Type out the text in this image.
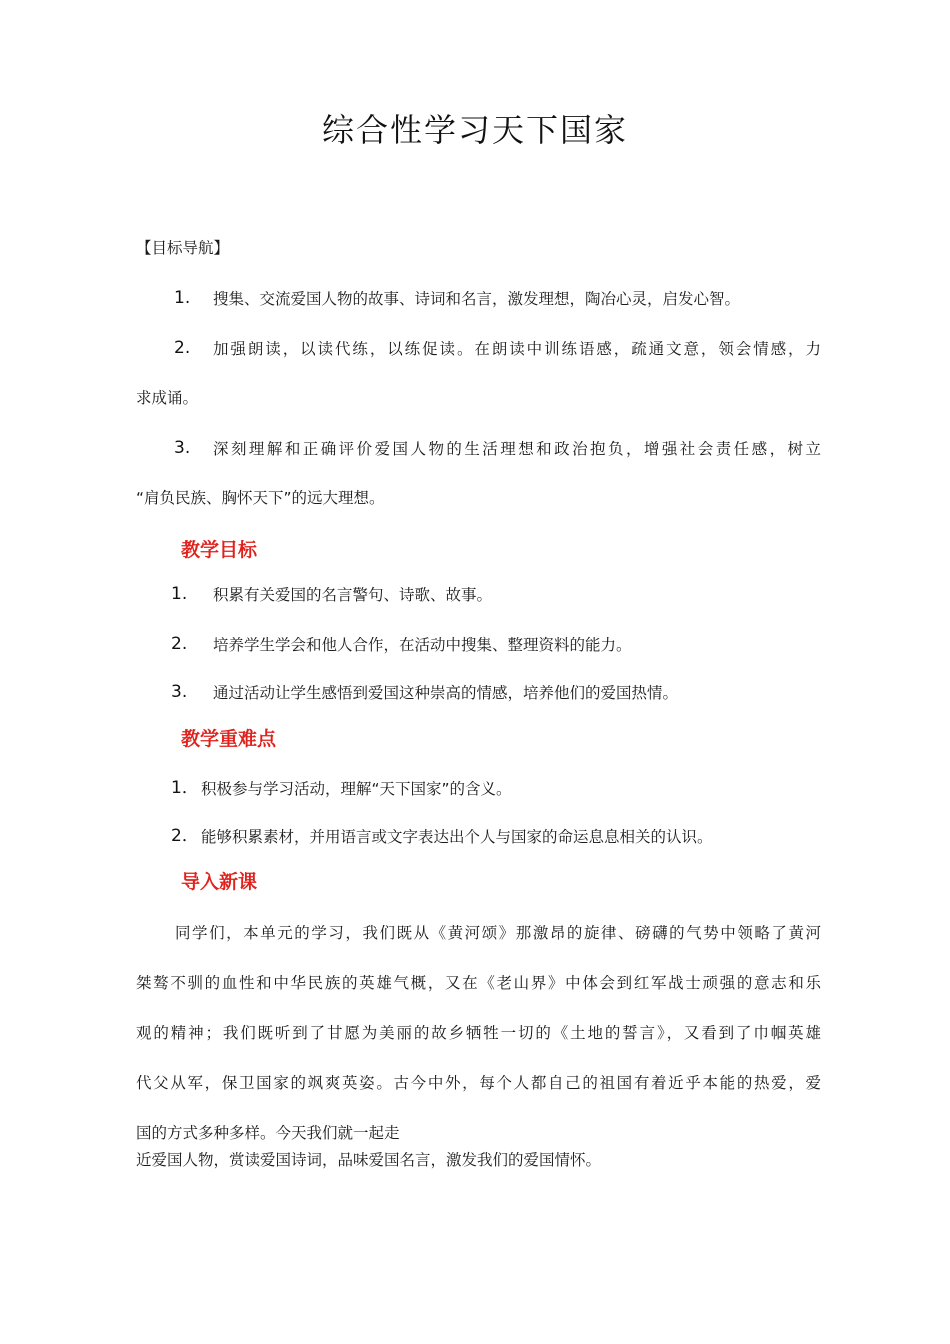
综合性学习天下国家
【目标导航】
1. 搜集、交流爱国人物的故事、诗词和名言，激发理想，陶冶心灵，启发心智。
2. 加强朗读，以读代练，以练促读。在朗读中训练语感，疏通文意，领会情感，力
求成诵。
3. 深刻理解和正确评价爱国人物的生活理想和政治抱负，增强社会责任感，树立
“肩负民族、胸怀天下”的远大理想。
教学目标
1. 积累有关爱国的名言警句、诗歌、故事。
2. 培养学生学会和他人合作，在活动中搜集、整理资料的能力。
3. 通过活动让学生感悟到爱国这种崇高的情感，培养他们的爱国热情。
教学重难点
1． 积极参与学习活动，理解“天下国家”的含义。
2． 能够积累素材，并用语言或文字表达出个人与国家的命运息息相关的认识。
导入新课
同学们，本单元的学习，我们既从《黄河颂》那激昂的旋律、磅礴的气势中领略了黄河
桀骜不驯的血性和中华民族的英雄气概，又在《老山界》中体会到红军战士顽强的意志和乐
观的精神；我们既听到了甘愿为美丽的故乡牺牲一切的《土地的誓言》，又看到了巾帼英雄
代父从军，保卫国家的飒爽英姿。古今中外，每个人都自己的祖国有着近乎本能的热爱，爱
国的方式多种多样。今天我们就一起走
近爱国人物，赏读爱国诗词，品味爱国名言，激发我们的爱国情怀。
